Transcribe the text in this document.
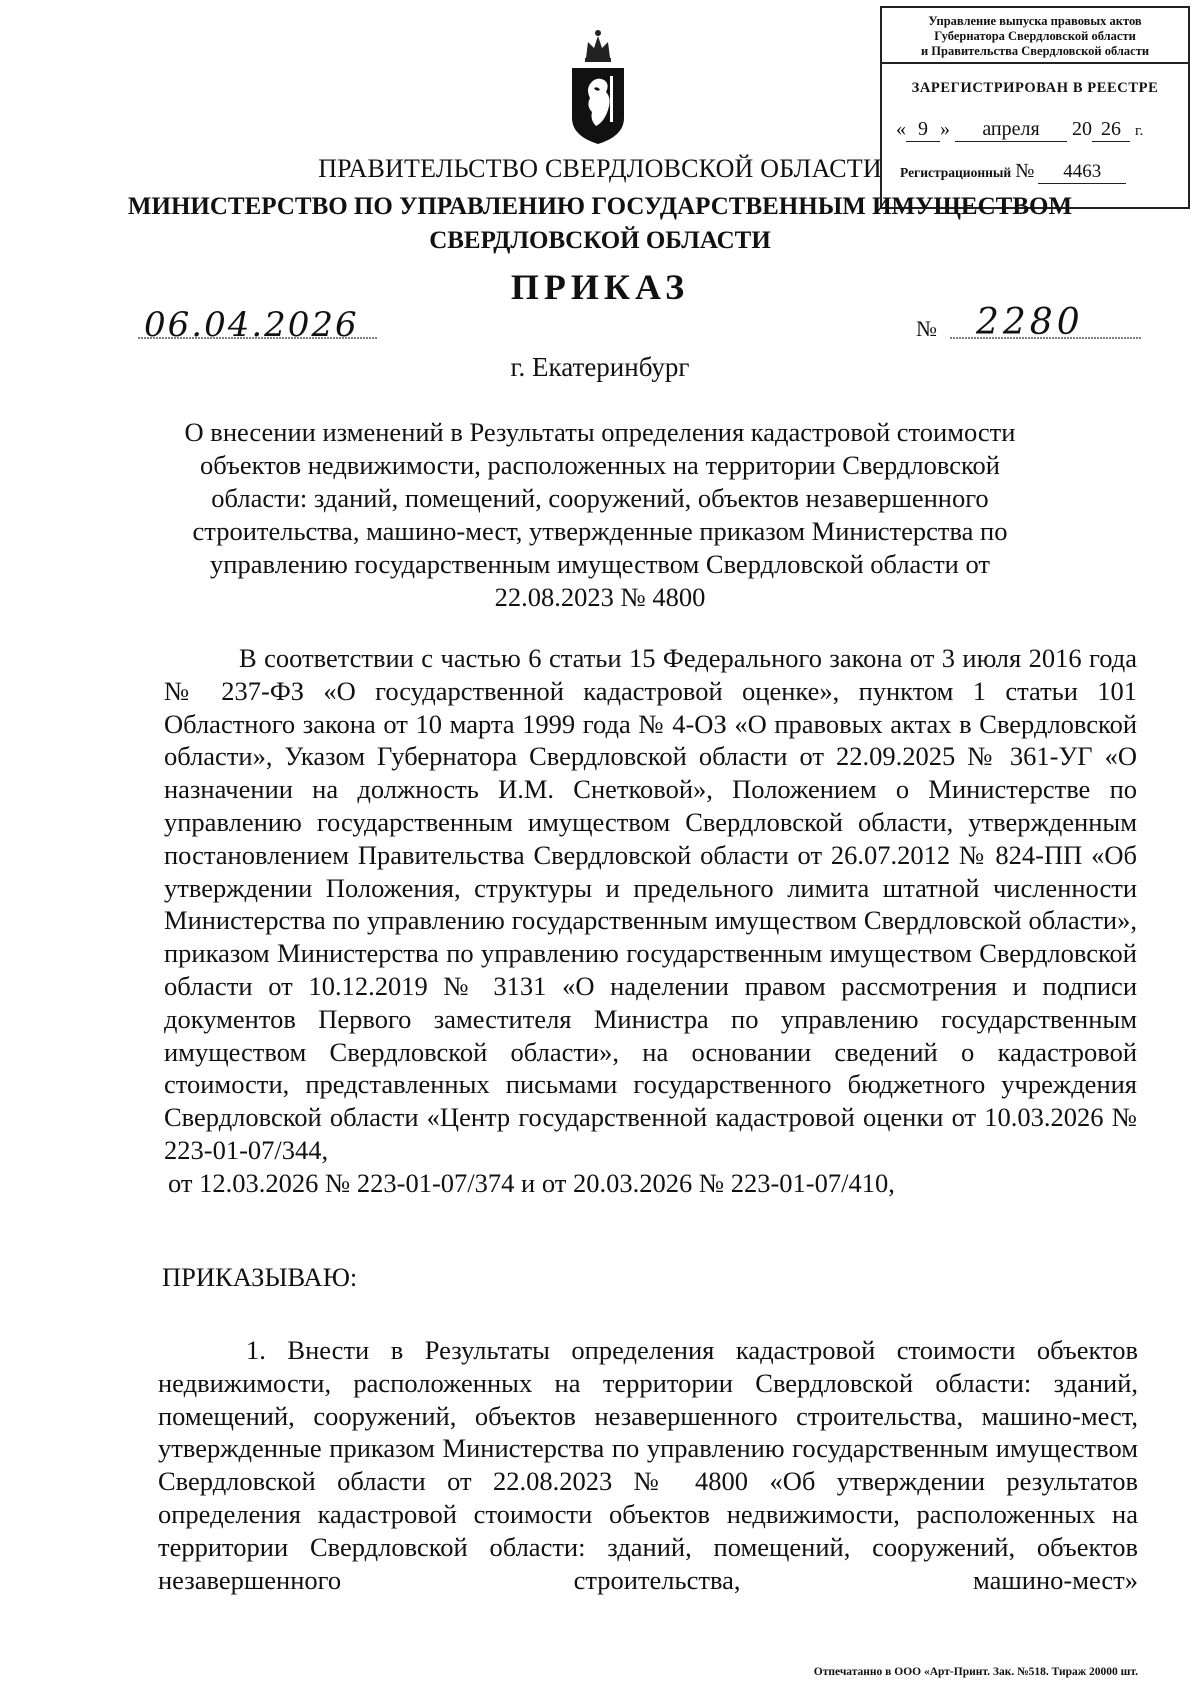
Управление выпуска правовых актов
Губернатора Свердловской области
и Правительства Свердловской области
ЗАРЕГИСТРИРОВАН В РЕЕСТРЕ
« 9 » апреля 20 26 г.
Регистрационный № 4463
ПРАВИТЕЛЬСТВО СВЕРДЛОВСКОЙ ОБЛАСТИ
МИНИСТЕРСТВО ПО УПРАВЛЕНИЮ ГОСУДАРСТВЕННЫМ ИМУЩЕСТВОМ
СВЕРДЛОВСКОЙ ОБЛАСТИ
ПРИКАЗ
06.04.2026	№ 2280
г. Екатеринбург
О внесении изменений в Результаты определения кадастровой стоимости объектов недвижимости, расположенных на территории Свердловской области: зданий, помещений, сооружений, объектов незавершенного строительства, машино-мест, утвержденные приказом Министерства по управлению государственным имуществом Свердловской области от 22.08.2023 № 4800
В соответствии с частью 6 статьи 15 Федерального закона от 3 июля 2016 года № 237-ФЗ «О государственной кадастровой оценке», пунктом 1 статьи 101 Областного закона от 10 марта 1999 года № 4-ОЗ «О правовых актах в Свердловской области», Указом Губернатора Свердловской области от 22.09.2025 № 361-УГ «О назначении на должность И.М. Снетковой», Положением о Министерстве по управлению государственным имуществом Свердловской области, утвержденным постановлением Правительства Свердловской области от 26.07.2012 № 824-ПП «Об утверждении Положения, структуры и предельного лимита штатной численности Министерства по управлению государственным имуществом Свердловской области», приказом Министерства по управлению государственным имуществом Свердловской области от 10.12.2019 № 3131 «О наделении правом рассмотрения и подписи документов Первого заместителя Министра по управлению государственным имуществом Свердловской области», на основании сведений о кадастровой стоимости, представленных письмами государственного бюджетного учреждения Свердловской области «Центр государственной кадастровой оценки от 10.03.2026 № 223-01-07/344,
от 12.03.2026 № 223-01-07/374 и от 20.03.2026 № 223-01-07/410,
ПРИКАЗЫВАЮ:
1. Внести в Результаты определения кадастровой стоимости объектов недвижимости, расположенных на территории Свердловской области: зданий, помещений, сооружений, объектов незавершенного строительства, машино-мест, утвержденные приказом Министерства по управлению государственным имуществом Свердловской области от 22.08.2023 № 4800 «Об утверждении результатов определения кадастровой стоимости объектов недвижимости, расположенных на территории Свердловской области: зданий, помещений, сооружений, объектов незавершенного строительства, машино-мест»
Отпечатанно в ООО «Арт-Принт. Зак. №518. Тираж 20000 шт.
